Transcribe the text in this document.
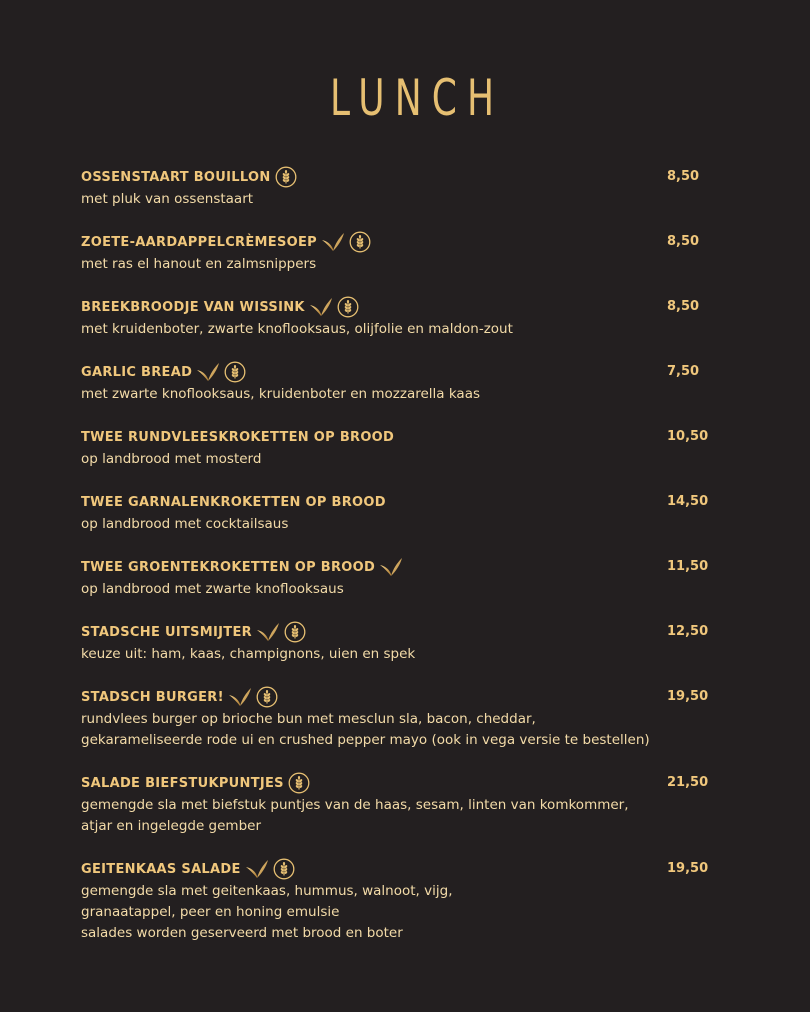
LUNCH
OSSENSTAART BOUILLON	8,50
met pluk van ossenstaart
ZOETE-AARDAPPELCRÈMESOEP	8,50
met ras el hanout en zalmsnippers
BREEKBROODJE VAN WISSINK	8,50
met kruidenboter, zwarte knoflooksaus, olijfolie en maldon-zout
GARLIC BREAD	7,50
met zwarte knoflooksaus, kruidenboter en mozzarella kaas
TWEE RUNDVLEESKROKETTEN OP BROOD	10,50
op landbrood met mosterd
TWEE GARNALENKROKETTEN OP BROOD	14,50
op landbrood met cocktailsaus
TWEE GROENTEKROKETTEN OP BROOD	11,50
op landbrood met zwarte knoflooksaus
STADSCHE UITSMIJTER	12,50
keuze uit: ham, kaas, champignons, uien en spek
STADSCH BURGER!	19,50
rundvlees burger op brioche bun met mesclun sla, bacon, cheddar,
gekarameliseerde rode ui en crushed pepper mayo (ook in vega versie te bestellen)
SALADE BIEFSTUKPUNTJES	21,50
gemengde sla met biefstuk puntjes van de haas, sesam, linten van komkommer,
atjar en ingelegde gember
GEITENKAAS SALADE	19,50
gemengde sla met geitenkaas, hummus, walnoot, vijg,
granaatappel, peer en honing emulsie
salades worden geserveerd met brood en boter
